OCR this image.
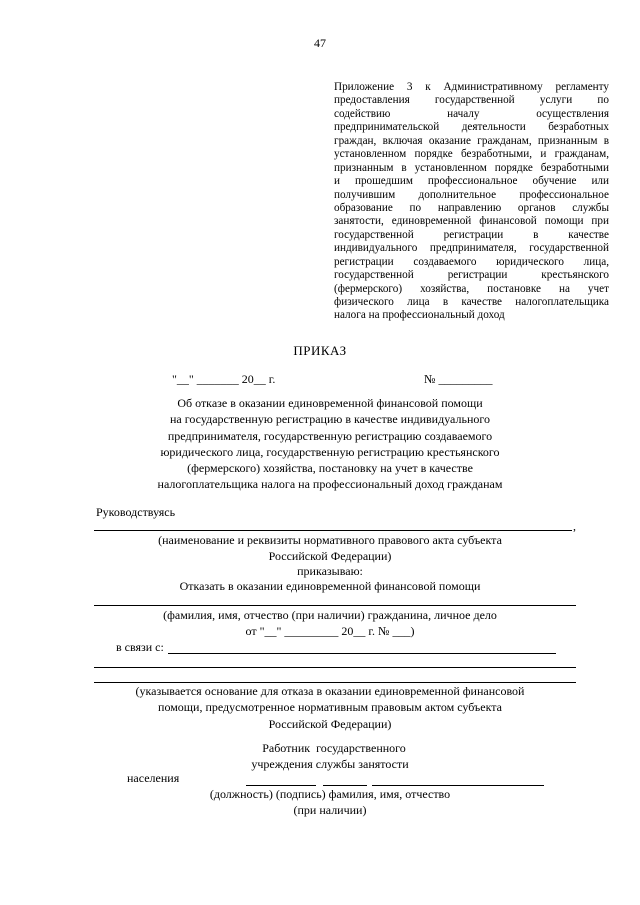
47
Приложение 3 к Административному регламенту
предоставления государственной услуги по
содействию началу осуществления
предпринимательской деятельности безработных
граждан, включая оказание гражданам, признанным в
установленном порядке безработными, и гражданам,
признанным в установленном порядке безработными
и прошедшим профессиональное обучение или
получившим дополнительное профессиональное
образование по направлению органов службы
занятости, единовременной финансовой помощи при
государственной регистрации в качестве
индивидуального предпринимателя, государственной
регистрации создаваемого юридического лица,
государственной регистрации крестьянского
(фермерского) хозяйства, постановке на учет
физического лица в качестве налогоплательщика
налога на профессиональный доход
ПРИКАЗ
"__" _______ 20__ г.	№ _________
Об отказе в оказании единовременной финансовой помощи
на государственную регистрацию в качестве индивидуального
предпринимателя, государственную регистрацию создаваемого
юридического лица, государственную регистрацию крестьянского
(фермерского) хозяйства, постановку на учет в качестве
налогоплательщика налога на профессиональный доход гражданам
Руководствуясь
,
(наименование и реквизиты нормативного правового акта субъекта
Российской Федерации)
приказываю:
Отказать в оказании единовременной финансовой помощи
(фамилия, имя, отчество (при наличии) гражданина, личное дело
от "__" _________ 20__ г. № ___)
в связи с:
(указывается основание для отказа в оказании единовременной финансовой
помощи, предусмотренное нормативным правовым актом субъекта
Российской Федерации)
Работник государственного
учреждения службы занятости
населения
(должность) (подпись) фамилия, имя, отчество
(при наличии)
